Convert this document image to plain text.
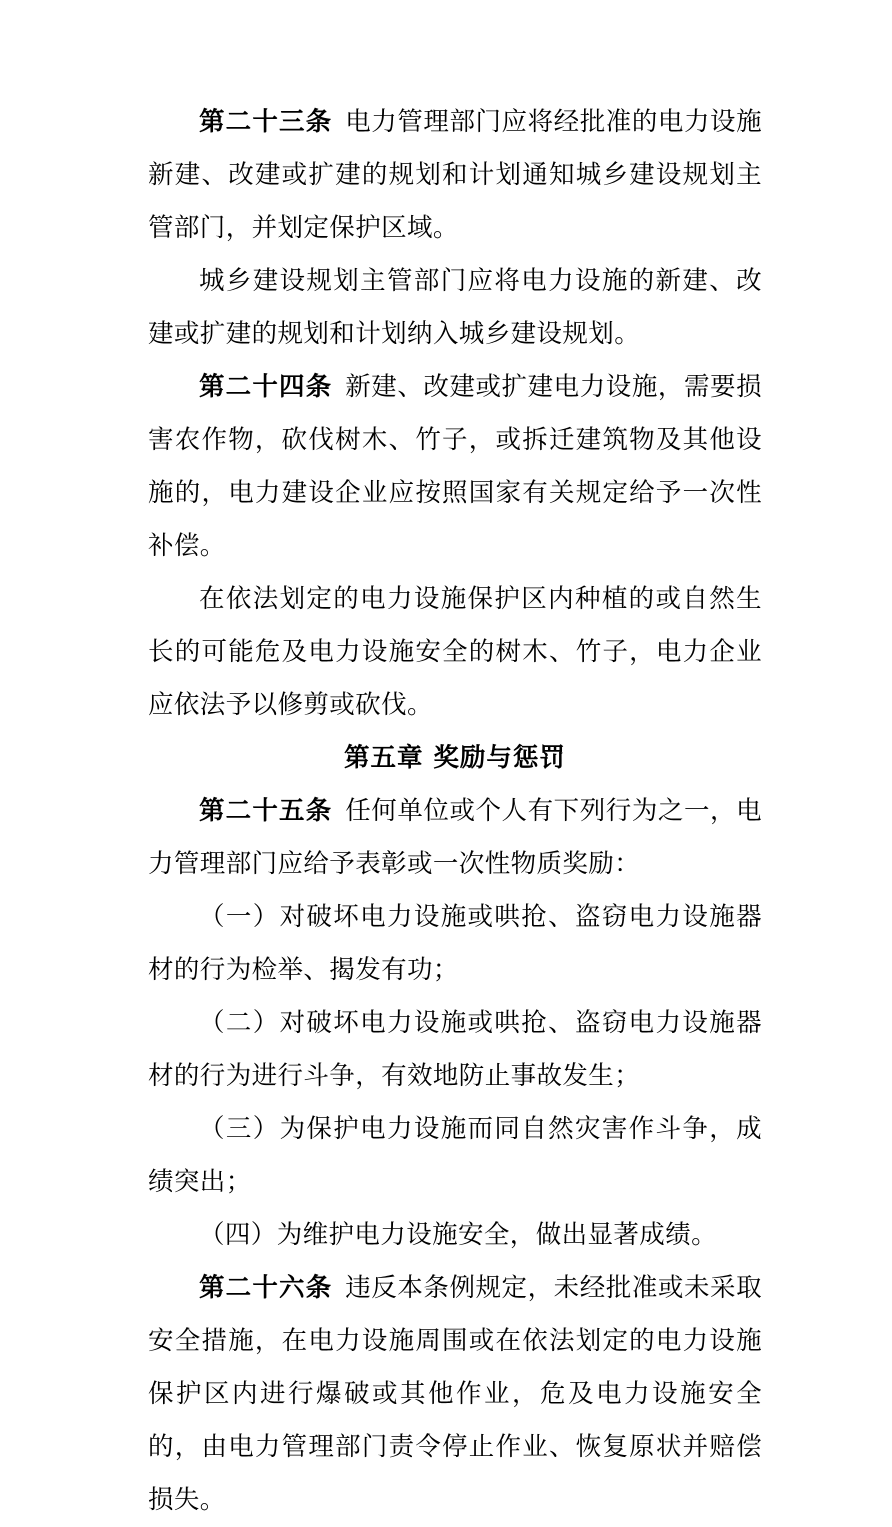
第二十三条 电力管理部门应将经批准的电力设施新建、改建或扩建的规划和计划通知城乡建设规划主管部门，并划定保护区域。

城乡建设规划主管部门应将电力设施的新建、改建或扩建的规划和计划纳入城乡建设规划。

第二十四条 新建、改建或扩建电力设施，需要损害农作物，砍伐树木、竹子，或拆迁建筑物及其他设施的，电力建设企业应按照国家有关规定给予一次性补偿。

在依法划定的电力设施保护区内种植的或自然生长的可能危及电力设施安全的树木、竹子，电力企业应依法予以修剪或砍伐。

第五章 奖励与惩罚

第二十五条 任何单位或个人有下列行为之一，电力管理部门应给予表彰或一次性物质奖励：

（一）对破坏电力设施或哄抢、盗窃电力设施器材的行为检举、揭发有功；

（二）对破坏电力设施或哄抢、盗窃电力设施器材的行为进行斗争，有效地防止事故发生；

（三）为保护电力设施而同自然灾害作斗争，成绩突出；

（四）为维护电力设施安全，做出显著成绩。

第二十六条 违反本条例规定，未经批准或未采取安全措施，在电力设施周围或在依法划定的电力设施保护区内进行爆破或其他作业，危及电力设施安全的，由电力管理部门责令停止作业、恢复原状并赔偿损失。
